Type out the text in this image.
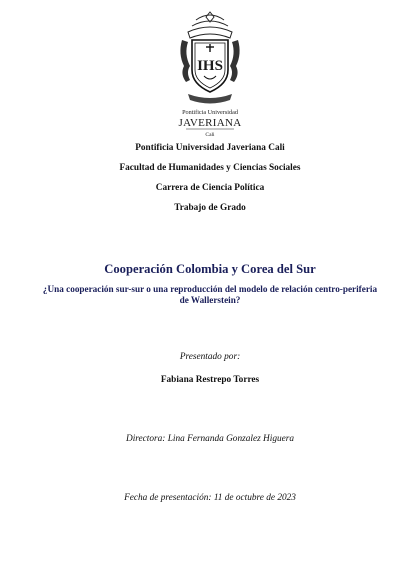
IHS
Pontificia Universidad
JAVERIANA
Cali
Pontificia Universidad Javeriana Cali
Facultad de Humanidades y Ciencias Sociales
Carrera de Ciencia Política
Trabajo de Grado
Cooperación Colombia y Corea del Sur
¿Una cooperación sur-sur o una reproducción del modelo de relación centro-periferia
de Wallerstein?
Presentado por:
Fabiana Restrepo Torres
Directora: Lina Fernanda Gonzalez Higuera
Fecha de presentación: 11 de octubre de 2023
